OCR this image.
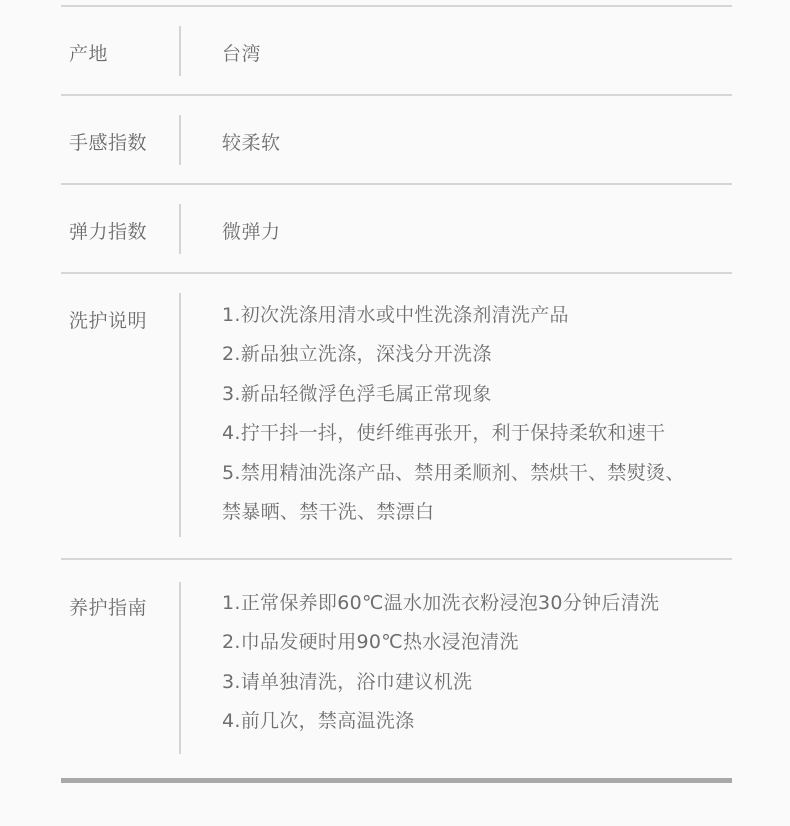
产地	台湾
手感指数	较柔软
弹力指数	微弹力
洗护说明	1.初次洗涤用清水或中性洗涤剂清洗产品
2.新品独立洗涤，深浅分开洗涤
3.新品轻微浮色浮毛属正常现象
4.拧干抖一抖，使纤维再张开，利于保持柔软和速干
5.禁用精油洗涤产品、禁用柔顺剂、禁烘干、禁熨烫、
禁暴晒、禁干洗、禁漂白
养护指南	1.正常保养即60℃温水加洗衣粉浸泡30分钟后清洗
2.巾品发硬时用90℃热水浸泡清洗
3.请单独清洗，浴巾建议机洗
4.前几次，禁高温洗涤
